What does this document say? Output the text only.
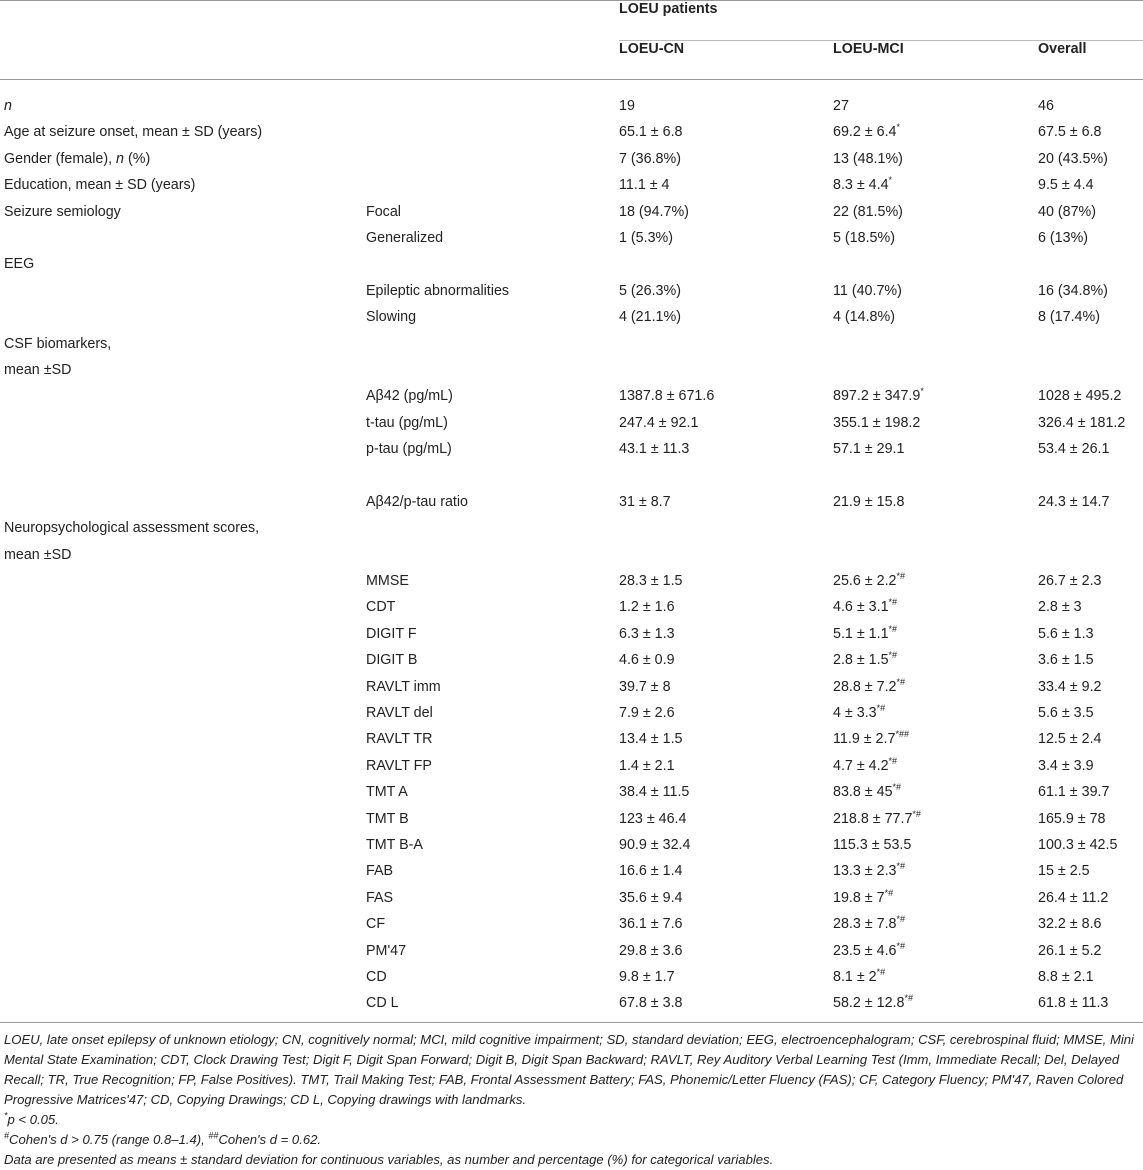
		LOEU patients		
		LOEU-CN	LOEU-MCI	Overall
n		19	27	46
Age at seizure onset, mean ± SD (years)		65.1 ± 6.8	69.2 ± 6.4*	67.5 ± 6.8
Gender (female), n (%)		7 (36.8%)	13 (48.1%)	20 (43.5%)
Education, mean ± SD (years)		11.1 ± 4	8.3 ± 4.4*	9.5 ± 4.4
Seizure semiology	Focal	18 (94.7%)	22 (81.5%)	40 (87%)
	Generalized	1 (5.3%)	5 (18.5%)	6 (13%)
EEG				
	Epileptic abnormalities	5 (26.3%)	11 (40.7%)	16 (34.8%)
	Slowing	4 (21.1%)	4 (14.8%)	8 (17.4%)
CSF biomarkers,				
mean ±SD				
	Aβ42 (pg/mL)	1387.8 ± 671.6	897.2 ± 347.9*	1028 ± 495.2
	t-tau (pg/mL)	247.4 ± 92.1	355.1 ± 198.2	326.4 ± 181.2
	p-tau (pg/mL)	43.1 ± 11.3	57.1 ± 29.1	53.4 ± 26.1

	Aβ42/p-tau ratio	31 ± 8.7	21.9 ± 15.8	24.3 ± 14.7
Neuropsychological assessment scores,				
mean ±SD				
	MMSE	28.3 ± 1.5	25.6 ± 2.2*#	26.7 ± 2.3
	CDT	1.2 ± 1.6	4.6 ± 3.1*#	2.8 ± 3
	DIGIT F	6.3 ± 1.3	5.1 ± 1.1*#	5.6 ± 1.3
	DIGIT B	4.6 ± 0.9	2.8 ± 1.5*#	3.6 ± 1.5
	RAVLT imm	39.7 ± 8	28.8 ± 7.2*#	33.4 ± 9.2
	RAVLT del	7.9 ± 2.6	4 ± 3.3*#	5.6 ± 3.5
	RAVLT TR	13.4 ± 1.5	11.9 ± 2.7*##	12.5 ± 2.4
	RAVLT FP	1.4 ± 2.1	4.7 ± 4.2*#	3.4 ± 3.9
	TMT A	38.4 ± 11.5	83.8 ± 45*#	61.1 ± 39.7
	TMT B	123 ± 46.4	218.8 ± 77.7*#	165.9 ± 78
	TMT B-A	90.9 ± 32.4	115.3 ± 53.5	100.3 ± 42.5
	FAB	16.6 ± 1.4	13.3 ± 2.3*#	15 ± 2.5
	FAS	35.6 ± 9.4	19.8 ± 7*#	26.4 ± 11.2
	CF	36.1 ± 7.6	28.3 ± 7.8*#	32.2 ± 8.6
	PM'47	29.8 ± 3.6	23.5 ± 4.6*#	26.1 ± 5.2
	CD	9.8 ± 1.7	8.1 ± 2*#	8.8 ± 2.1
	CD L	67.8 ± 3.8	58.2 ± 12.8*#	61.8 ± 11.3

LOEU, late onset epilepsy of unknown etiology; CN, cognitively normal; MCI, mild cognitive impairment; SD, standard deviation; EEG, electroencephalogram; CSF, cerebrospinal fluid; MMSE, Mini Mental State Examination; CDT, Clock Drawing Test; Digit F, Digit Span Forward; Digit B, Digit Span Backward; RAVLT, Rey Auditory Verbal Learning Test (Imm, Immediate Recall; Del, Delayed Recall; TR, True Recognition; FP, False Positives). TMT, Trail Making Test; FAB, Frontal Assessment Battery; FAS, Phonemic/Letter Fluency (FAS); CF, Category Fluency; PM'47, Raven Colored Progressive Matrices'47; CD, Copying Drawings; CD L, Copying drawings with landmarks.

*p < 0.05.

#Cohen's d > 0.75 (range 0.8–1.4), ##Cohen's d = 0.62.

Data are presented as means ± standard deviation for continuous variables, as number and percentage (%) for categorical variables.
